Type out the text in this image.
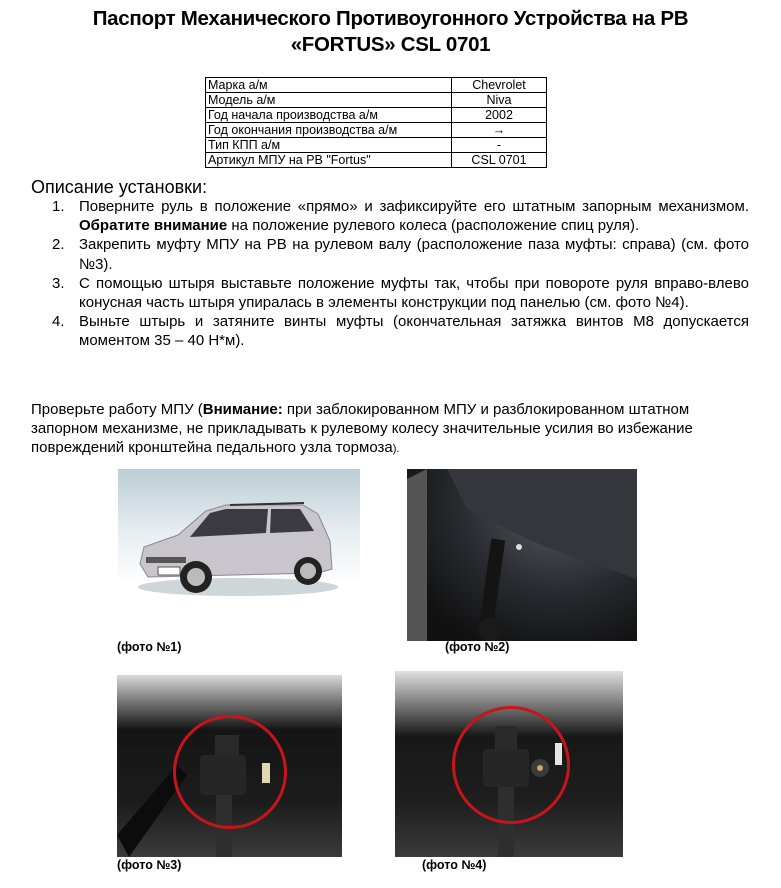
Паспорт Механического Противоугонного Устройства на РВ
«FORTUS» CSL 0701
Марка а/м	Chevrolet
Модель а/м	Niva
Год начала производства а/м	2002
Год окончания производства а/м	→
Тип КПП а/м	-
Артикул МПУ на РВ "Fortus"	CSL 0701
Описание установки:
1. Поверните руль в положение «прямо» и зафиксируйте его штатным запорным механизмом. Обратите внимание на положение рулевого колеса (расположение спиц руля).
2. Закрепить муфту МПУ на РВ на рулевом валу (расположение паза муфты: справа) (см. фото №3).
3. С помощью штыря выставьте положение муфты так, чтобы при повороте руля вправо-влево конусная часть штыря упиралась в элементы конструкции под панелью (см. фото №4).
4. Выньте штырь и затяните винты муфты (окончательная затяжка винтов М8 допускается моментом 35 – 40 Н*м).
Проверьте работу МПУ (Внимание: при заблокированном МПУ и разблокированном штатном запорном механизме, не прикладывать к рулевому колесу значительные усилия во избежание повреждений кронштейна педального узла тормоза).
(фото №1)	(фото №2)
(фото №3)	(фото №4)
